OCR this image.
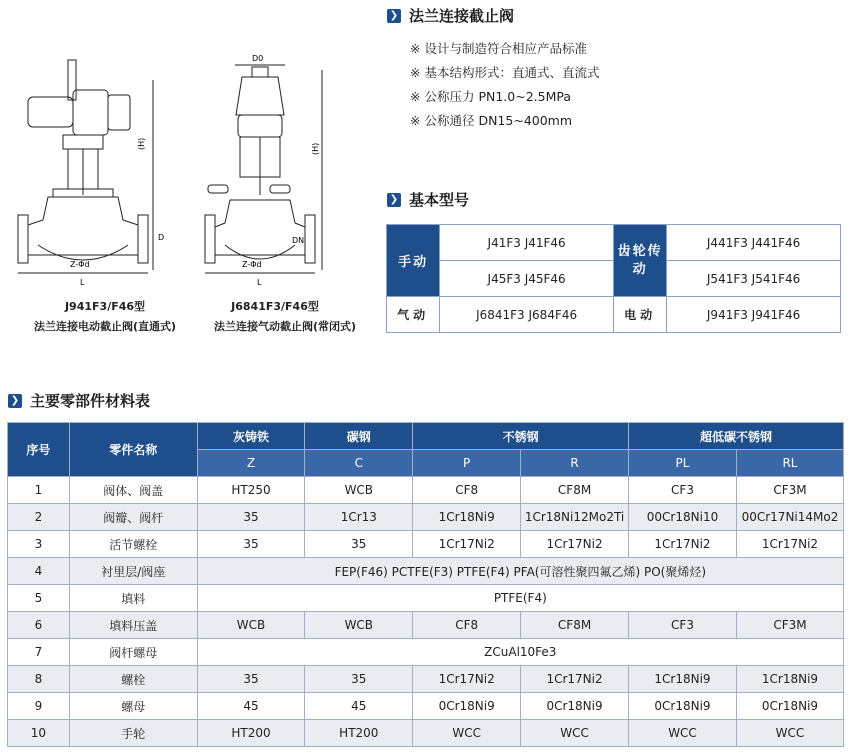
(H)
L
Z-Φd
D
J941F3/F46型
法兰连接电动截止阀(直通式)
D0
(H)
DN
Z-Φd
L
J6841F3/F46型
法兰连接气动截止阀(常闭式)
❯ 法兰连接截止阀
※ 设计与制造符合相应产品标准
※ 基本结构形式：直通式、直流式
※ 公称压力 PN1.0~2.5MPa
※ 公称通径 DN15~400mm
❯ 基本型号
手动	J41F3 J41F46	齿轮传动	J441F3 J441F46
	J45F3 J45F46		J541F3 J541F46
气动	J6841F3 J684F46	电动	J941F3 J941F46
❯ 主要零部件材料表
序号	零件名称	灰铸铁	碳钢	不锈钢		超低碳不锈钢	
		Z	C	P	R	PL	RL
1	阀体、阀盖	HT250	WCB	CF8	CF8M	CF3	CF3M
2	阀瓣、阀杆	35	1Cr13	1Cr18Ni9	1Cr18Ni12Mo2Ti	00Cr18Ni10	00Cr17Ni14Mo2
3	活节螺栓	35	35	1Cr17Ni2	1Cr17Ni2	1Cr17Ni2	1Cr17Ni2
4	衬里层/阀座	FEP(F46) PCTFE(F3) PTFE(F4) PFA(可溶性聚四氟乙烯) PO(聚烯烃)					
5	填料	PTFE(F4)					
6	填料压盖	WCB	WCB	CF8	CF8M	CF3	CF3M
7	阀杆螺母	ZCuAl10Fe3					
8	螺栓	35	35	1Cr17Ni2	1Cr17Ni2	1Cr18Ni9	1Cr18Ni9
9	螺母	45	45	0Cr18Ni9	0Cr18Ni9	0Cr18Ni9	0Cr18Ni9
10	手轮	HT200	HT200	WCC	WCC	WCC	WCC
